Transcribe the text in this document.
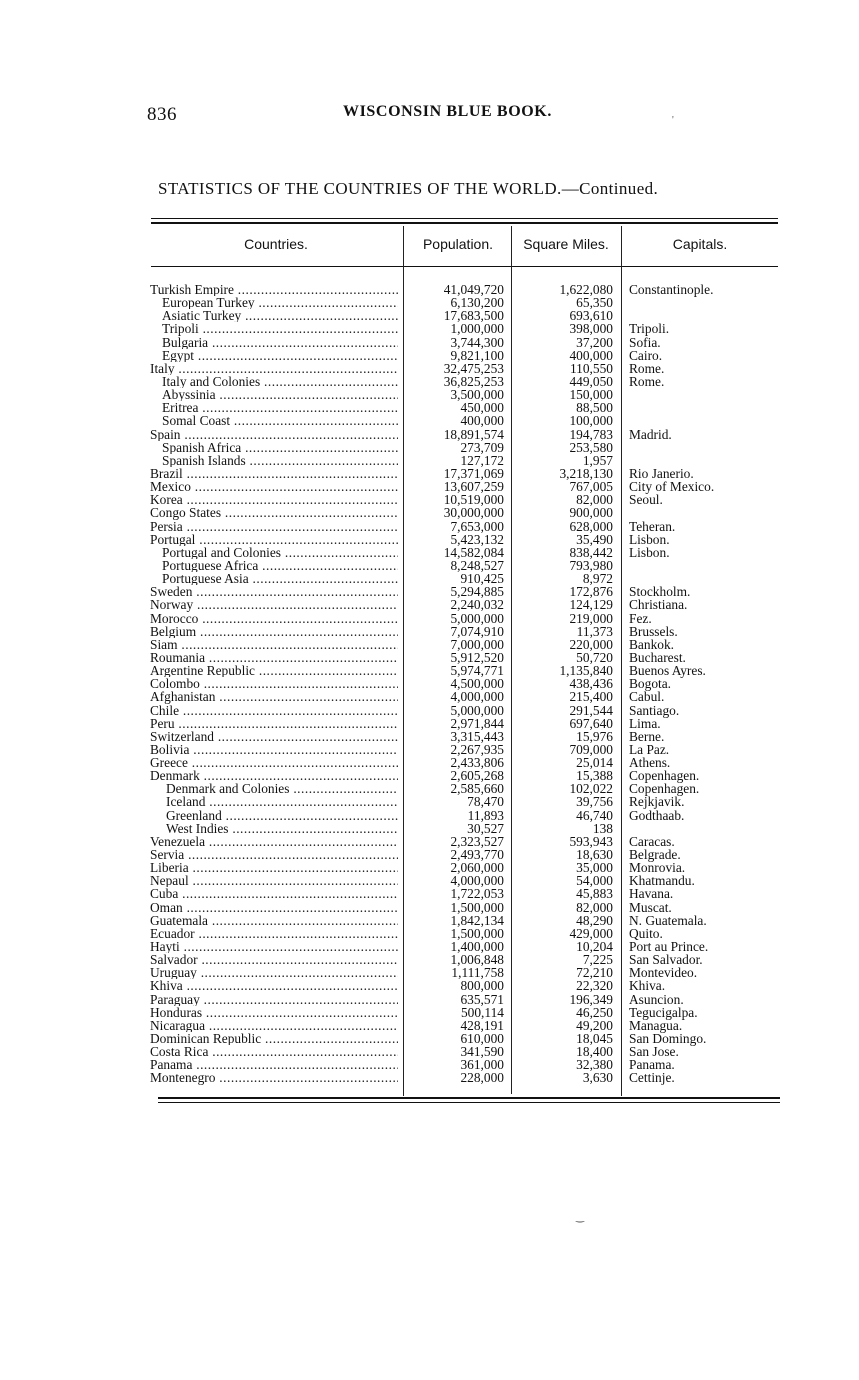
836	WISCONSIN BLUE BOOK.
STATISTICS OF THE COUNTRIES OF THE WORLD.—Continued.
Countries.	Population.	Square Miles.	Capitals.
Turkish Empire .....	41,049,720	1,622,080 Constantinople.
European Turkey .....	6,130,200	65,350
Asiatic Turkey .....	17,683,500	693,610
Tripoli .....	1,000,000	398,000 Tripoli.
Bulgaria .....	3,744,300	37,200 Sofia.
Egypt .....	9,821,100	400,000 Cairo.
Italy .....	32,475,253	110,550 Rome.
Italy and Colonies .....	36,825,253	449,050 Rome.
Abyssinia .....	3,500,000	150,000
Eritrea .....	450,000	88,500
Somal Coast .....	400,000	100,000
Spain .....	18,891,574	194,783 Madrid.
Spanish Africa .....	273,709	253,580
Spanish Islands .....	127,172	1,957
Brazil .....	17,371,069	3,218,130 Rio Janerio.
Mexico .....	13,607,259	767,005 City of Mexico.
Korea .....	10,519,000	82,000 Seoul.
Congo States .....	30,000,000	900,000
Persia .....	7,653,000	628,000 Teheran.
Portugal .....	5,423,132	35,490 Lisbon.
Portugal and Colonies .....	14,582,084	838,442 Lisbon.
Portuguese Africa .....	8,248,527	793,980
Portuguese Asia .....	910,425	8,972
Sweden .....	5,294,885	172,876 Stockholm.
Norway .....	2,240,032	124,129 Christiana.
Morocco .....	5,000,000	219,000 Fez.
Belgium .....	7,074,910	11,373 Brussels.
Siam .....	7,000,000	220,000 Bankok.
Roumania .....	5,912,520	50,720 Bucharest.
Argentine Republic .....	5,974,771	1,135,840 Buenos Ayres.
Colombo .....	4,500,000	438,436 Bogota.
Afghanistan .....	4,000,000	215,400 Cabul.
Chile .....	5,000,000	291,544 Santiago.
Peru .....	2,971,844	697,640 Lima.
Switzerland .....	3,315,443	15,976 Berne.
Bolivia .....	2,267,935	709,000 La Paz.
Greece .....	2,433,806	25,014 Athens.
Denmark .....	2,605,268	15,388 Copenhagen.
Denmark and Colonies .....	2,585,660	102,022 Copenhagen.
Iceland .....	78,470	39,756 Rejkjavik.
Greenland .....	11,893	46,740 Godthaab.
West Indies .....	30,527	138
Venezuela .....	2,323,527	593,943 Caracas.
Servia .....	2,493,770	18,630 Belgrade.
Liberia .....	2,060,000	35,000 Monrovia.
Nepaul .....	4,000,000	54,000 Khatmandu.
Cuba .....	1,722,053	45,883 Havana.
Oman .....	1,500,000	82,000 Muscat.
Guatemala .....	1,842,134	48,290 N. Guatemala.
Ecuador .....	1,500,000	429,000 Quito.
Hayti .....	1,400,000	10,204 Port au Prince.
Salvador .....	1,006,848	7,225 San Salvador.
Uruguay .....	1,111,758	72,210 Montevideo.
Khiva .....	800,000	22,320 Khiva.
Paraguay .....	635,571	196,349 Asuncion.
Honduras .....	500,114	46,250 Tegucigalpa.
Nicaragua .....	428,191	49,200 Managua.
Dominican Republic .....	610,000	18,045 San Domingo.
Costa Rica .....	341,590	18,400 San Jose.
Panama .....	361,000	32,380 Panama.
Montenegro .....	228,000	3,630 Cettinje.
'
‿
